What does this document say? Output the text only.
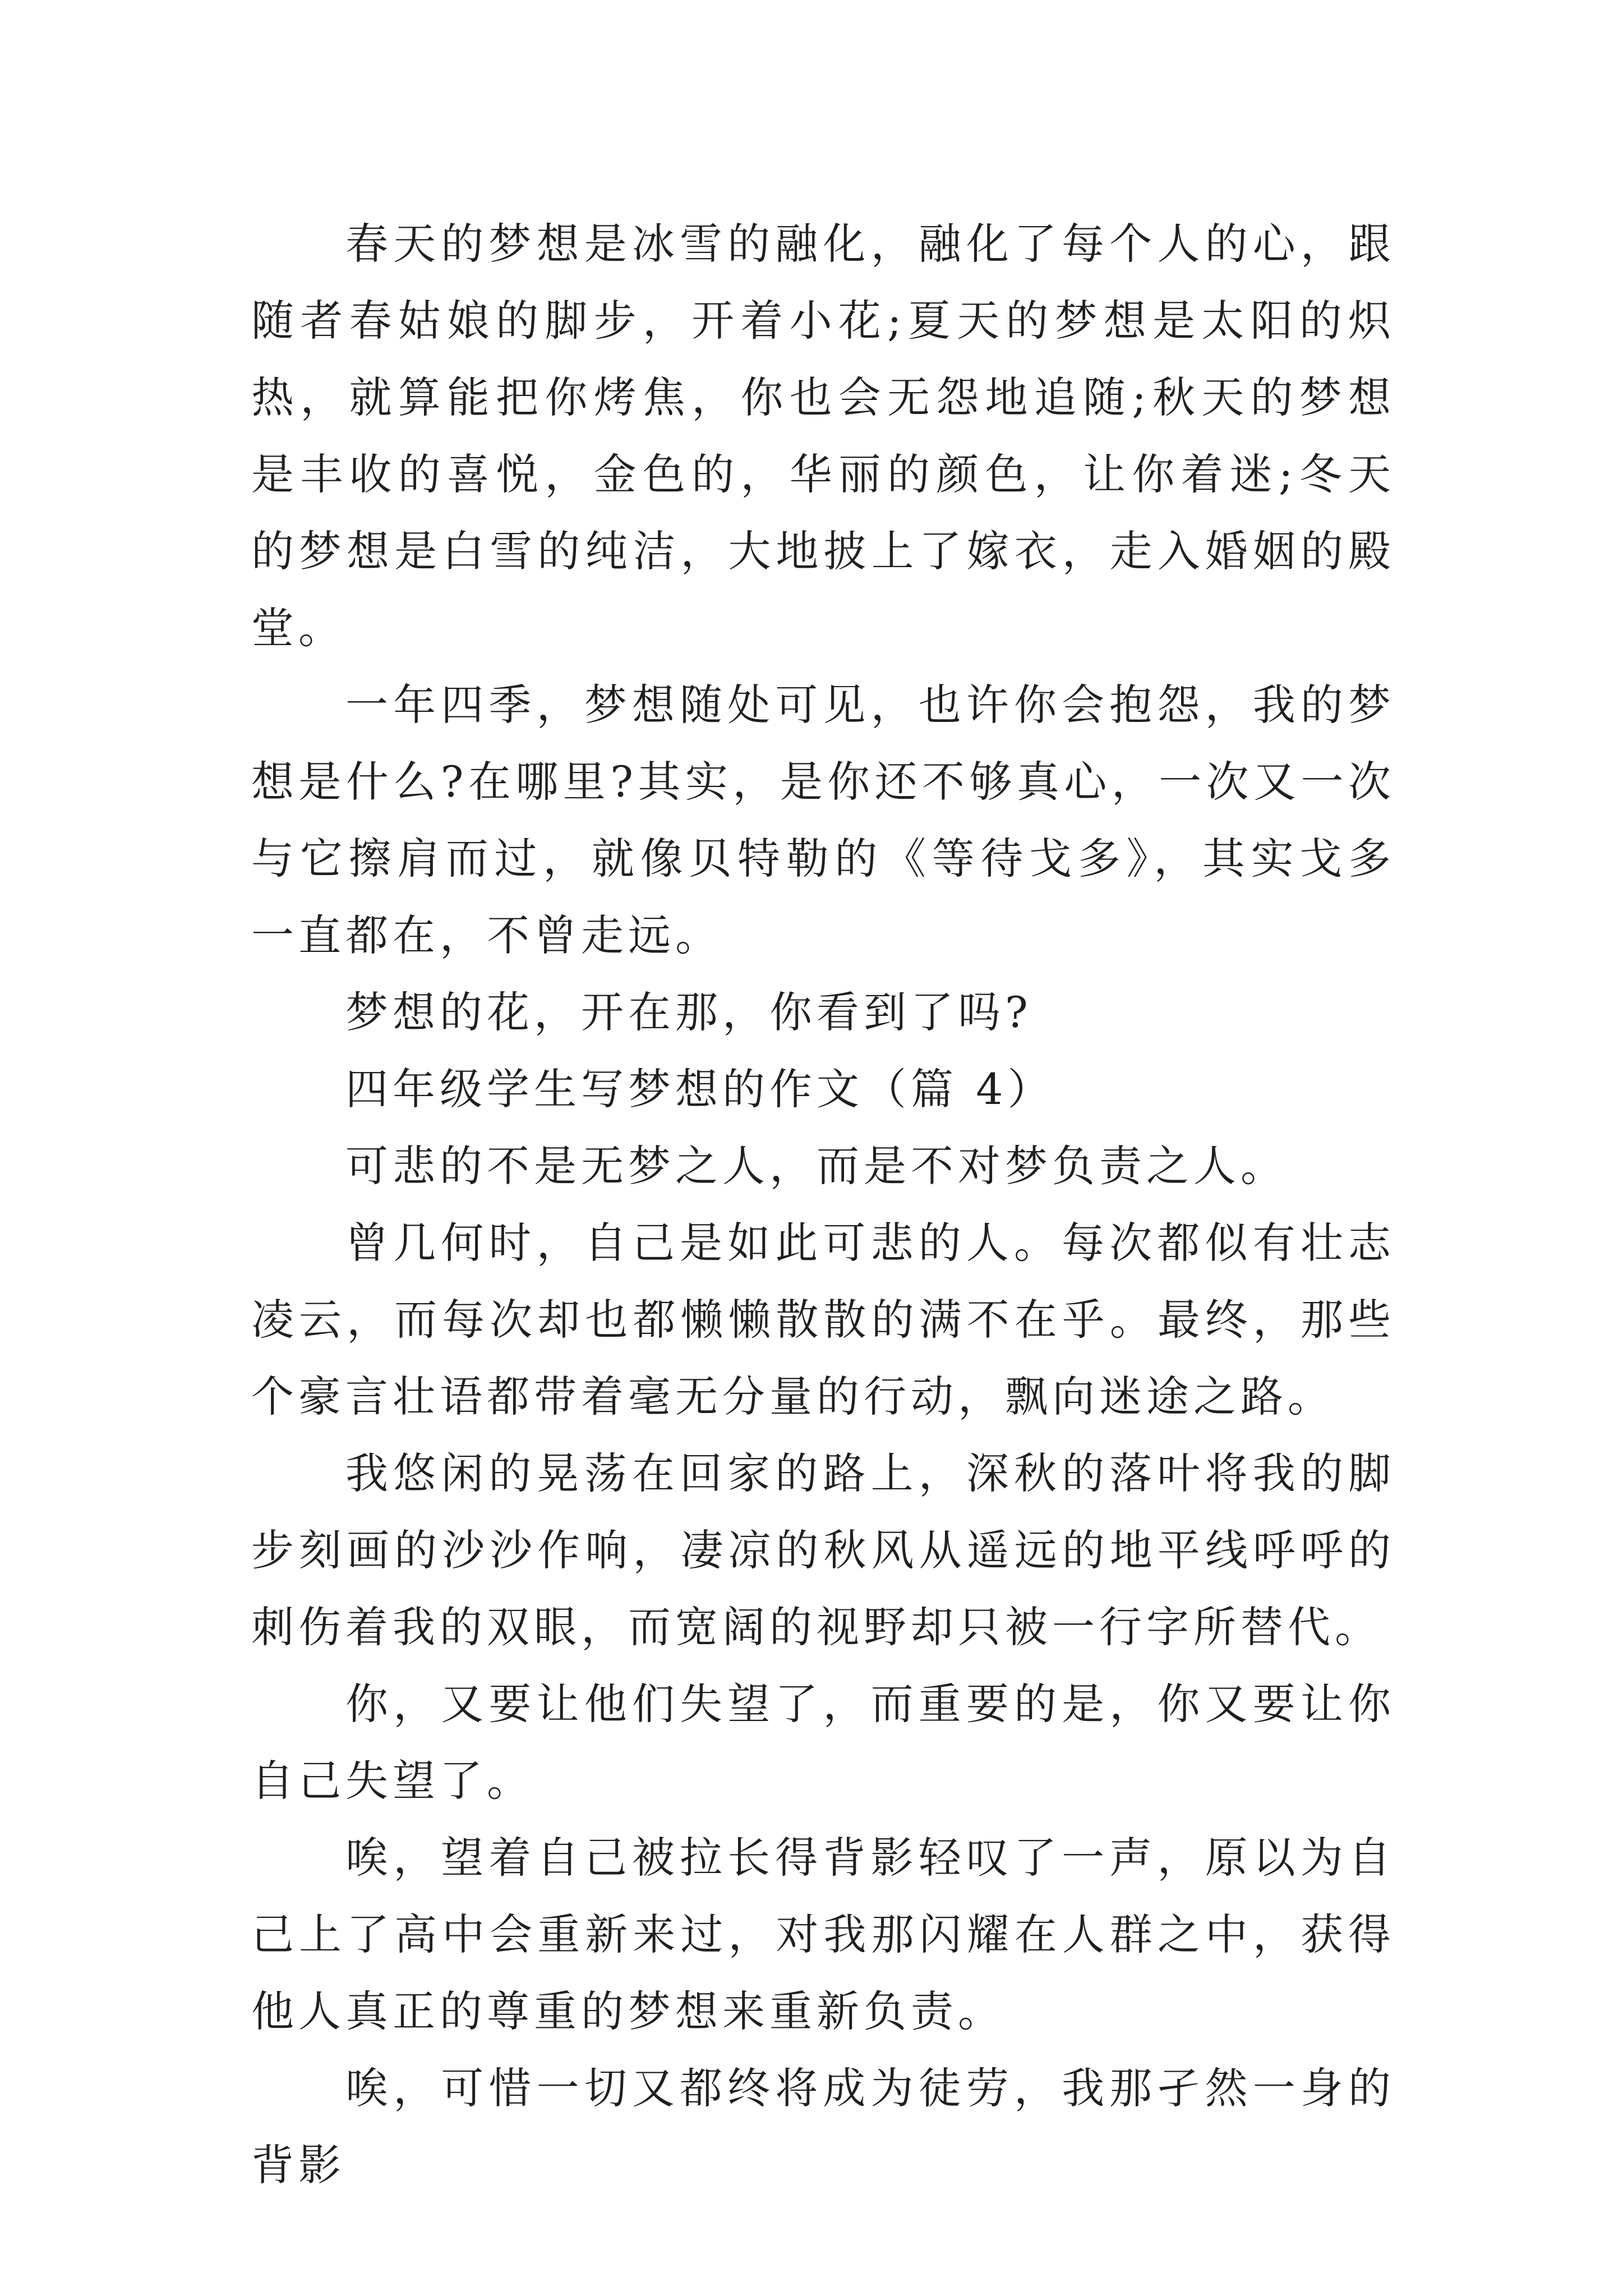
春天的梦想是冰雪的融化，融化了每个人的心，跟随者春姑娘的脚步，开着小花;夏天的梦想是太阳的炽热，就算能把你烤焦，你也会无怨地追随;秋天的梦想是丰收的喜悦，金色的，华丽的颜色，让你着迷;冬天的梦想是白雪的纯洁，大地披上了嫁衣，走入婚姻的殿堂。

一年四季，梦想随处可见，也许你会抱怨，我的梦想是什么?在哪里?其实，是你还不够真心，一次又一次与它擦肩而过，就像贝特勒的《等待戈多》，其实戈多一直都在，不曾走远。

梦想的花，开在那，你看到了吗?

四年级学生写梦想的作文（篇 4）

可悲的不是无梦之人，而是不对梦负责之人。

曾几何时，自己是如此可悲的人。每次都似有壮志凌云，而每次却也都懒懒散散的满不在乎。最终，那些个豪言壮语都带着毫无分量的行动，飘向迷途之路。

我悠闲的晃荡在回家的路上，深秋的落叶将我的脚步刻画的沙沙作响，凄凉的秋风从遥远的地平线呼呼的刺伤着我的双眼，而宽阔的视野却只被一行字所替代。

你，又要让他们失望了，而重要的是，你又要让你自己失望了。

唉，望着自己被拉长得背影轻叹了一声，原以为自己上了高中会重新来过，对我那闪耀在人群之中，获得他人真正的尊重的梦想来重新负责。

唉，可惜一切又都终将成为徒劳，我那孑然一身的背影
